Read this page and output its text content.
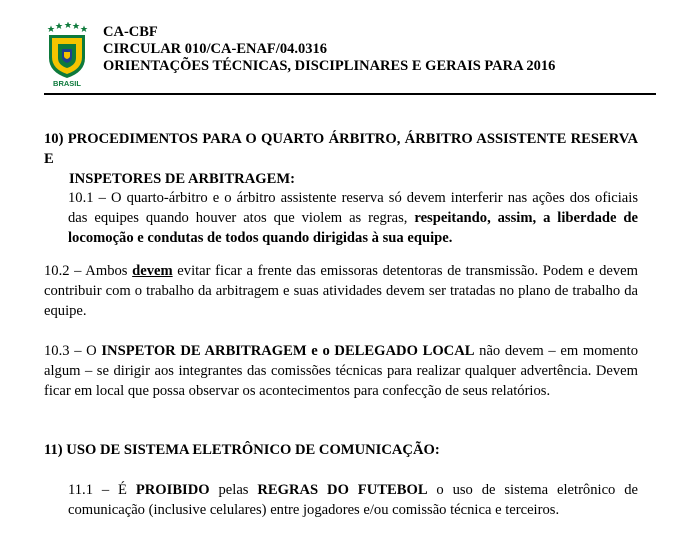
BRASIL
CA-CBF
CIRCULAR 010/CA-ENAF/04.0316
ORIENTAÇÕES TÉCNICAS, DISCIPLINARES E GERAIS PARA 2016
10) PROCEDIMENTOS PARA O QUARTO ÁRBITRO, ÁRBITRO ASSISTENTE RESERVA E
INSPETORES DE ARBITRAGEM:
10.1 – O quarto-árbitro e o árbitro assistente reserva só devem interferir nas ações dos oficiais das equipes quando houver atos que violem as regras, respeitando, assim, a liberdade de locomoção e condutas de todos quando dirigidas à sua equipe.
10.2 – Ambos devem evitar ficar a frente das emissoras detentoras de transmissão. Podem e devem contribuir com o trabalho da arbitragem e suas atividades devem ser tratadas no plano de trabalho da equipe.
10.3 – O INSPETOR DE ARBITRAGEM e o DELEGADO LOCAL não devem – em momento algum – se dirigir aos integrantes das comissões técnicas para realizar qualquer advertência. Devem ficar em local que possa observar os acontecimentos para confecção de seus relatórios.
11) USO DE SISTEMA ELETRÔNICO DE COMUNICAÇÃO:
11.1 – É PROIBIDO pelas REGRAS DO FUTEBOL o uso de sistema eletrônico de comunicação (inclusive celulares) entre jogadores e/ou comissão técnica e terceiros.
